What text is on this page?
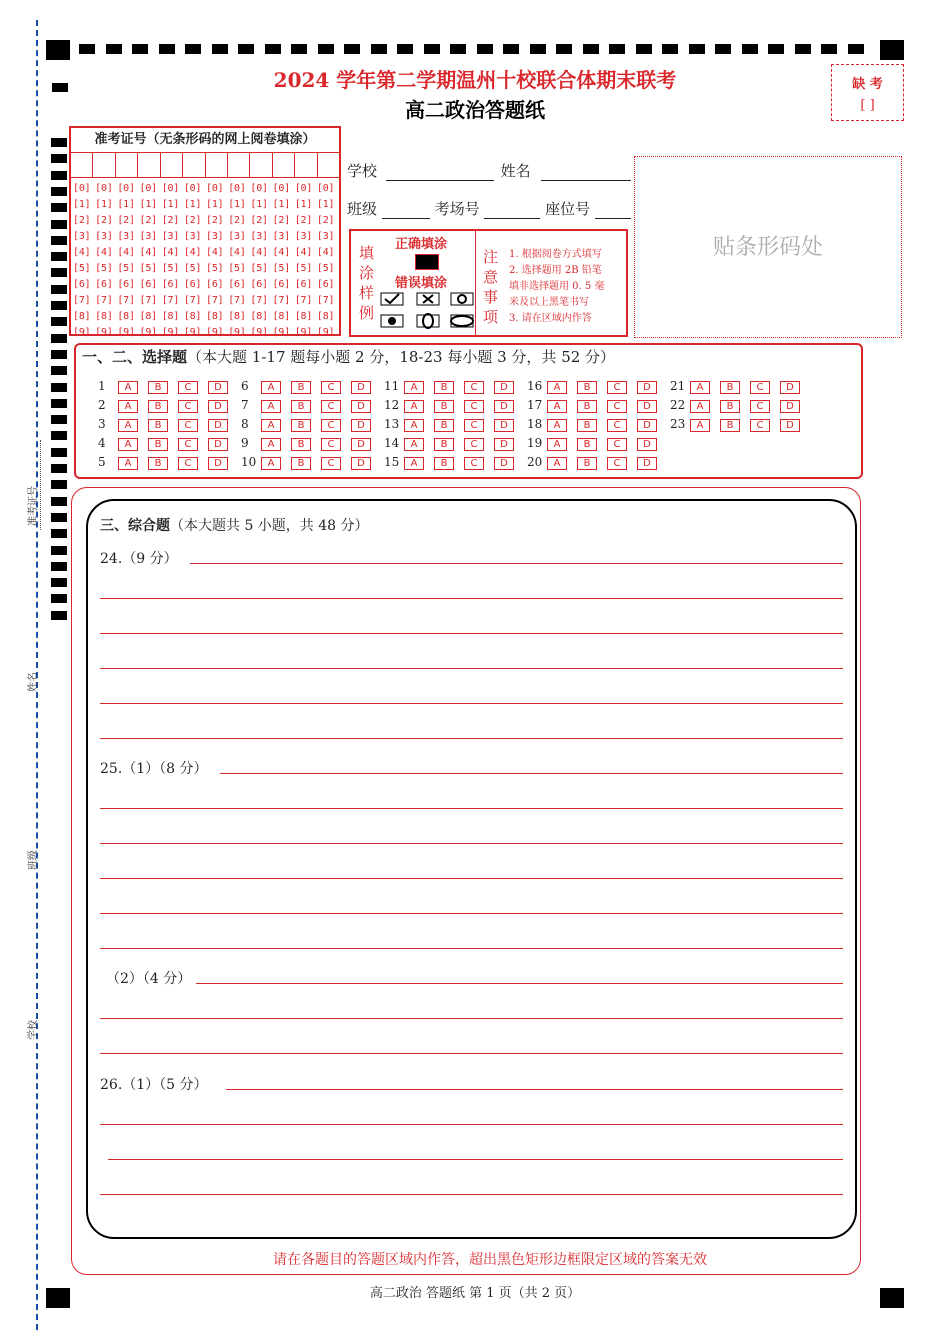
准考证号
姓名
班级
学校
2024 学年第二学期温州十校联合体期末联考
高二政治答题纸
缺 考
[ ]
准考证号（无条形码的网上阅卷填涂）
[0] [0] [0] [0] [0] [0] [0] [0] [0] [0] [0] [0]
[1] [1] [1] [1] [1] [1] [1] [1] [1] [1] [1] [1]
[2] [2] [2] [2] [2] [2] [2] [2] [2] [2] [2] [2]
[3] [3] [3] [3] [3] [3] [3] [3] [3] [3] [3] [3]
[4] [4] [4] [4] [4] [4] [4] [4] [4] [4] [4] [4]
[5] [5] [5] [5] [5] [5] [5] [5] [5] [5] [5] [5]
[6] [6] [6] [6] [6] [6] [6] [6] [6] [6] [6] [6]
[7] [7] [7] [7] [7] [7] [7] [7] [7] [7] [7] [7]
[8] [8] [8] [8] [8] [8] [8] [8] [8] [8] [8] [8]
[9] [9] [9] [9] [9] [9] [9] [9] [9] [9] [9] [9]
学校	姓名
班级	考场号	座位号
填涂样例
正确填涂
错误填涂
注意事项
1. 根据阅卷方式填写
2. 选择题用 2B 铅笔
填非选择题用 0. 5 毫
米及以上黑笔书写
3. 请在区域内作答
贴条形码处
一、二、选择题（本大题 1-17 题每小题 2 分，18-23 每小题 3 分，共 52 分）
1 A B C D
2 A B C D
3 A B C D
4 A B C D
5 A B C D
6 A B C D
7 A B C D
8 A B C D
9 A B C D
10 A B C D
11 A B C D
12 A B C D
13 A B C D
14 A B C D
15 A B C D
16 A B C D
17 A B C D
18 A B C D
19 A B C D
20 A B C D
21 A B C D
22 A B C D
23 A B C D
三、综合题（本大题共 5 小题，共 48 分）
24.（9 分）
25.（1）（8 分）
（2）（4 分）
26.（1）（5 分）
请在各题目的答题区域内作答，超出黑色矩形边框限定区域的答案无效
高二政治 答题纸 第 1 页（共 2 页）
